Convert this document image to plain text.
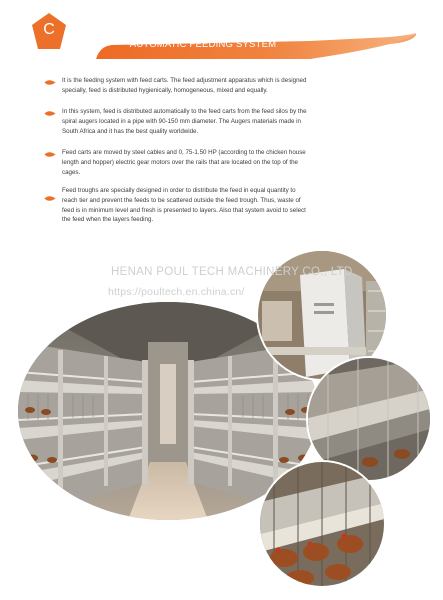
C
AUTOMATIC FEEDING SYSTEM
It is the feeding system with feed carts. The feed adjustment apparatus which is designed
specially, feed is distributed hygienically, homogeneous, mixed and equally.
In this system, feed is distributed automatically to the feed carts from the feed silos by the
spiral augers located in a pipe with 90-150 mm diameter. The Augers materials made in
South Africa and it has the best quality worldwide.
Feed carts are moved by steel cables and 0, 75-1.50 HP (according to the chicken house
length and hopper) electric gear motors over the rails that are located on the top of the
cages.
Feed troughs are specially designed in order to distribute the feed in equal quantity to
reach tier and prevent the feeds to be scattered outside the feed trough. Thus, waste of
feed is in minimum level and fresh is presented to layers. Also that system avoid to select
the feed when the layers feeding.
HENAN POUL TECH MACHINERY CO., LTD.
https://poultech.en.china.cn/
